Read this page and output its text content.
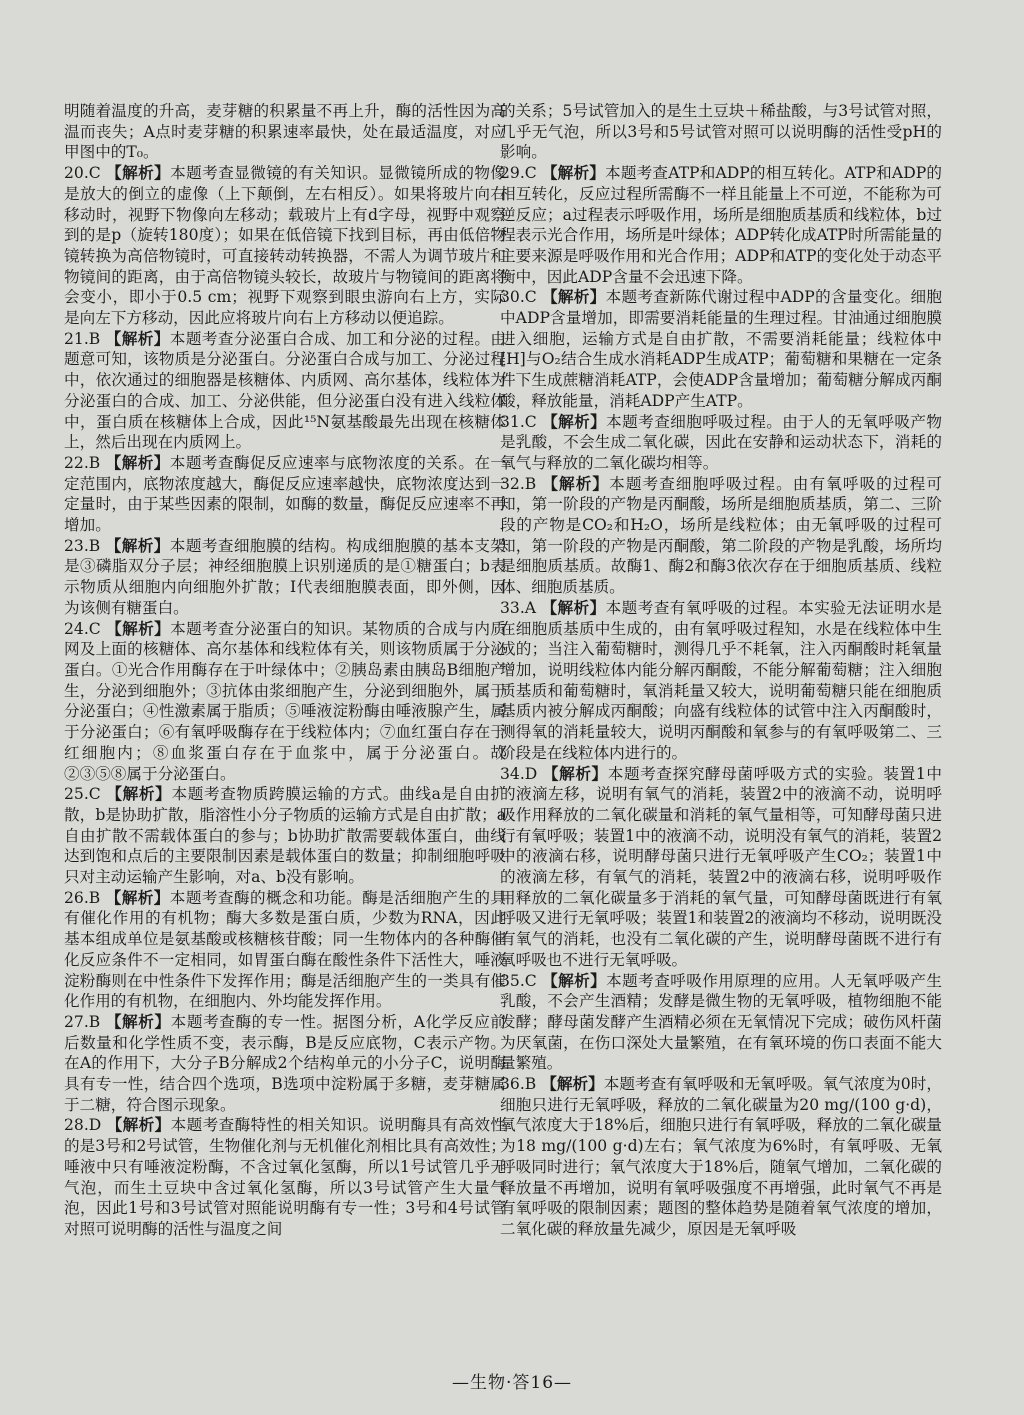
明随着温度的升高，麦芽糖的积累量不再上升，酶的活性因为高温而丧失；A点时麦芽糖的积累速率最快，处在最适温度，对应甲图中的T₀。

20.C 【解析】本题考查显微镜的有关知识。显微镜所成的物像是放大的倒立的虚像（上下颠倒，左右相反）。如果将玻片向右移动时，视野下物像向左移动；载玻片上有d字母，视野中观察到的是p（旋转180度）；如果在低倍镜下找到目标，再由低倍物镜转换为高倍物镜时，可直接转动转换器，不需人为调节玻片和物镜间的距离，由于高倍物镜头较长，故玻片与物镜间的距离将会变小，即小于0.5 cm；视野下观察到眼虫游向右上方，实际是向左下方移动，因此应将玻片向右上方移动以便追踪。

21.B 【解析】本题考查分泌蛋白合成、加工和分泌的过程。由题意可知，该物质是分泌蛋白。分泌蛋白合成与加工、分泌过程中，依次通过的细胞器是核糖体、内质网、高尔基体，线粒体为分泌蛋白的合成、加工、分泌供能，但分泌蛋白没有进入线粒体中，蛋白质在核糖体上合成，因此¹⁵N氨基酸最先出现在核糖体上，然后出现在内质网上。

22.B 【解析】本题考查酶促反应速率与底物浓度的关系。在一定范围内，底物浓度越大，酶促反应速率越快，底物浓度达到一定量时，由于某些因素的限制，如酶的数量，酶促反应速率不再增加。

23.B 【解析】本题考查细胞膜的结构。构成细胞膜的基本支架是③磷脂双分子层；神经细胞膜上识别递质的是①糖蛋白；b表示物质从细胞内向细胞外扩散；Ⅰ代表细胞膜表面，即外侧，因为该侧有糖蛋白。

24.C 【解析】本题考查分泌蛋白的知识。某物质的合成与内质网及上面的核糖体、高尔基体和线粒体有关，则该物质属于分泌蛋白。①光合作用酶存在于叶绿体中；②胰岛素由胰岛B细胞产生，分泌到细胞外；③抗体由浆细胞产生，分泌到细胞外，属于分泌蛋白；④性激素属于脂质；⑤唾液淀粉酶由唾液腺产生，属于分泌蛋白；⑥有氧呼吸酶存在于线粒体内；⑦血红蛋白存在于红细胞内；⑧血浆蛋白存在于血浆中，属于分泌蛋白。故②③⑤⑧属于分泌蛋白。

25.C 【解析】本题考查物质跨膜运输的方式。曲线a是自由扩散，b是协助扩散，脂溶性小分子物质的运输方式是自由扩散；a自由扩散不需载体蛋白的参与；b协助扩散需要载体蛋白，曲线达到饱和点后的主要限制因素是载体蛋白的数量；抑制细胞呼吸只对主动运输产生影响，对a、b没有影响。

26.B 【解析】本题考查酶的概念和功能。酶是活细胞产生的具有催化作用的有机物；酶大多数是蛋白质，少数为RNA，因此基本组成单位是氨基酸或核糖核苷酸；同一生物体内的各种酶催化反应条件不一定相同，如胃蛋白酶在酸性条件下活性大，唾液淀粉酶则在中性条件下发挥作用；酶是活细胞产生的一类具有催化作用的有机物，在细胞内、外均能发挥作用。

27.B 【解析】本题考查酶的专一性。据图分析，A化学反应前后数量和化学性质不变，表示酶，B是反应底物，C表示产物。在A的作用下，大分子B分解成2个结构单元的小分子C，说明酶具有专一性，结合四个选项，B选项中淀粉属于多糖，麦芽糖属于二糖，符合图示现象。

28.D 【解析】本题考查酶特性的相关知识。说明酶具有高效性的是3号和2号试管，生物催化剂与无机催化剂相比具有高效性；唾液中只有唾液淀粉酶，不含过氧化氢酶，所以1号试管几乎无气泡，而生土豆块中含过氧化氢酶，所以3号试管产生大量气泡，因此1号和3号试管对照能说明酶有专一性；3号和4号试管对照可说明酶的活性与温度之间

的关系；5号试管加入的是生土豆块＋稀盐酸，与3号试管对照，几乎无气泡，所以3号和5号试管对照可以说明酶的活性受pH的影响。

29.C 【解析】本题考查ATP和ADP的相互转化。ATP和ADP的相互转化，反应过程所需酶不一样且能量上不可逆，不能称为可逆反应；a过程表示呼吸作用，场所是细胞质基质和线粒体，b过程表示光合作用，场所是叶绿体；ADP转化成ATP时所需能量的主要来源是呼吸作用和光合作用；ADP和ATP的变化处于动态平衡中，因此ADP含量不会迅速下降。

30.C 【解析】本题考查新陈代谢过程中ADP的含量变化。细胞中ADP含量增加，即需要消耗能量的生理过程。甘油通过细胞膜进入细胞，运输方式是自由扩散，不需要消耗能量；线粒体中[H]与O₂结合生成水消耗ADP生成ATP；葡萄糖和果糖在一定条件下生成蔗糖消耗ATP，会使ADP含量增加；葡萄糖分解成丙酮酸，释放能量，消耗ADP产生ATP。

31.C 【解析】本题考查细胞呼吸过程。由于人的无氧呼吸产物是乳酸，不会生成二氧化碳，因此在安静和运动状态下，消耗的氧气与释放的二氧化碳均相等。

32.B 【解析】本题考查细胞呼吸过程。由有氧呼吸的过程可知，第一阶段的产物是丙酮酸，场所是细胞质基质，第二、三阶段的产物是CO₂和H₂O，场所是线粒体；由无氧呼吸的过程可知，第一阶段的产物是丙酮酸，第二阶段的产物是乳酸，场所均是细胞质基质。故酶1、酶2和酶3依次存在于细胞质基质、线粒体、细胞质基质。

33.A 【解析】本题考查有氧呼吸的过程。本实验无法证明水是在细胞质基质中生成的，由有氧呼吸过程知，水是在线粒体中生成的；当注入葡萄糖时，测得几乎不耗氧，注入丙酮酸时耗氧量增加，说明线粒体内能分解丙酮酸，不能分解葡萄糖；注入细胞质基质和葡萄糖时，氧消耗量又较大，说明葡萄糖只能在细胞质基质内被分解成丙酮酸；向盛有线粒体的试管中注入丙酮酸时，测得氧的消耗量较大，说明丙酮酸和氧参与的有氧呼吸第二、三阶段是在线粒体内进行的。

34.D 【解析】本题考查探究酵母菌呼吸方式的实验。装置1中的液滴左移，说明有氧气的消耗，装置2中的液滴不动，说明呼吸作用释放的二氧化碳量和消耗的氧气量相等，可知酵母菌只进行有氧呼吸；装置1中的液滴不动，说明没有氧气的消耗，装置2中的液滴右移，说明酵母菌只进行无氧呼吸产生CO₂；装置1中的液滴左移，有氧气的消耗，装置2中的液滴右移，说明呼吸作用释放的二氧化碳量多于消耗的氧气量，可知酵母菌既进行有氧呼吸又进行无氧呼吸；装置1和装置2的液滴均不移动，说明既没有氧气的消耗，也没有二氧化碳的产生，说明酵母菌既不进行有氧呼吸也不进行无氧呼吸。

35.C 【解析】本题考查呼吸作用原理的应用。人无氧呼吸产生乳酸，不会产生酒精；发酵是微生物的无氧呼吸，植物细胞不能发酵；酵母菌发酵产生酒精必须在无氧情况下完成；破伤风杆菌为厌氧菌，在伤口深处大量繁殖，在有氧环境的伤口表面不能大量繁殖。

36.B 【解析】本题考查有氧呼吸和无氧呼吸。氧气浓度为0时，细胞只进行无氧呼吸，释放的二氧化碳量为20 mg/(100 g·d)，氧气浓度大于18%后，细胞只进行有氧呼吸，释放的二氧化碳量为18 mg/(100 g·d)左右；氧气浓度为6%时，有氧呼吸、无氧呼吸同时进行；氧气浓度大于18%后，随氧气增加，二氧化碳的释放量不再增加，说明有氧呼吸强度不再增强，此时氧气不再是有氧呼吸的限制因素；题图的整体趋势是随着氧气浓度的增加，二氧化碳的释放量先减少，原因是无氧呼吸

—生物·答16—
